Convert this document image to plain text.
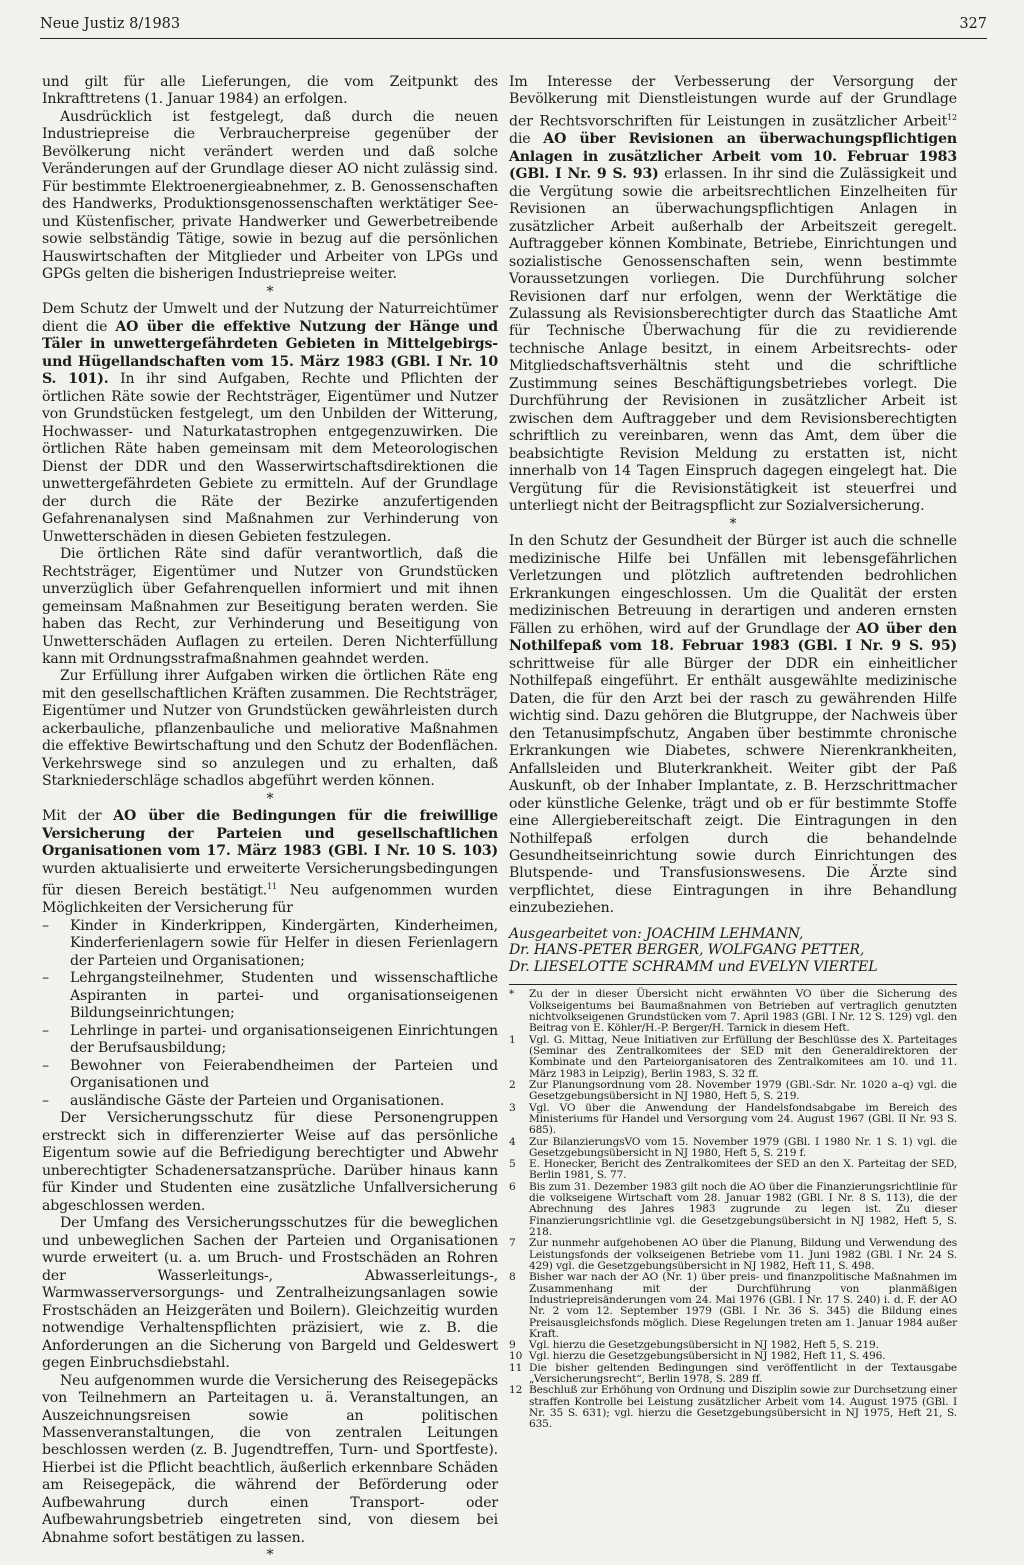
Neue Justiz 8/1983	327

und gilt für alle Lieferungen, die vom Zeitpunkt des Inkrafttretens (1. Januar 1984) an erfolgen.

Ausdrücklich ist festgelegt, daß durch die neuen Industriepreise die Verbraucherpreise gegenüber der Bevölkerung nicht verändert werden und daß solche Veränderungen auf der Grundlage dieser AO nicht zulässig sind. Für bestimmte Elektroenergieabnehmer, z. B. Genossenschaften des Handwerks, Produktionsgenossenschaften werktätiger See- und Küstenfischer, private Handwerker und Gewerbetreibende sowie selbständig Tätige, sowie in bezug auf die persönlichen Hauswirtschaften der Mitglieder und Arbeiter von LPGs und GPGs gelten die bisherigen Industriepreise weiter.

*

Dem Schutz der Umwelt und der Nutzung der Naturreichtümer dient die AO über die effektive Nutzung der Hänge und Täler in unwettergefährdeten Gebieten in Mittelgebirgs- und Hügellandschaften vom 15. März 1983 (GBl. I Nr. 10 S. 101). In ihr sind Aufgaben, Rechte und Pflichten der örtlichen Räte sowie der Rechtsträger, Eigentümer und Nutzer von Grundstücken festgelegt, um den Unbilden der Witterung, Hochwasser- und Naturkatastrophen entgegenzuwirken. Die örtlichen Räte haben gemeinsam mit dem Meteorologischen Dienst der DDR und den Wasserwirtschaftsdirektionen die unwettergefährdeten Gebiete zu ermitteln. Auf der Grundlage der durch die Räte der Bezirke anzufertigenden Gefahrenanalysen sind Maßnahmen zur Verhinderung von Unwetterschäden in diesen Gebieten festzulegen.

Die örtlichen Räte sind dafür verantwortlich, daß die Rechtsträger, Eigentümer und Nutzer von Grundstücken unverzüglich über Gefahrenquellen informiert und mit ihnen gemeinsam Maßnahmen zur Beseitigung beraten werden. Sie haben das Recht, zur Verhinderung und Beseitigung von Unwetterschäden Auflagen zu erteilen. Deren Nichterfüllung kann mit Ordnungsstrafmaßnahmen geahndet werden.

Zur Erfüllung ihrer Aufgaben wirken die örtlichen Räte eng mit den gesellschaftlichen Kräften zusammen. Die Rechtsträger, Eigentümer und Nutzer von Grundstücken gewährleisten durch ackerbauliche, pflanzenbauliche und meliorative Maßnahmen die effektive Bewirtschaftung und den Schutz der Bodenflächen. Verkehrswege sind so anzulegen und zu erhalten, daß Starkniederschläge schadlos abgeführt werden können.

*

Mit der AO über die Bedingungen für die freiwillige Versicherung der Parteien und gesellschaftlichen Organisationen vom 17. März 1983 (GBl. I Nr. 10 S. 103) wurden aktualisierte und erweiterte Versicherungsbedingungen für diesen Bereich bestätigt.$^{11}$ Neu aufgenommen wurden Möglichkeiten der Versicherung für

–	Kinder in Kinderkrippen, Kindergärten, Kinderheimen, Kinderferienlagern sowie für Helfer in diesen Ferienlagern der Parteien und Organisationen;
–	Lehrgangsteilnehmer, Studenten und wissenschaftliche Aspiranten in partei- und organisationseigenen Bildungseinrichtungen;
–	Lehrlinge in partei- und organisationseigenen Einrichtungen der Berufsausbildung;
–	Bewohner von Feierabendheimen der Parteien und Organisationen und
–	ausländische Gäste der Parteien und Organisationen.

Der Versicherungsschutz für diese Personengruppen erstreckt sich in differenzierter Weise auf das persönliche Eigentum sowie auf die Befriedigung berechtigter und Abwehr unberechtigter Schadenersatzansprüche. Darüber hinaus kann für Kinder und Studenten eine zusätzliche Unfallversicherung abgeschlossen werden.

Der Umfang des Versicherungsschutzes für die beweglichen und unbeweglichen Sachen der Parteien und Organisationen wurde erweitert (u. a. um Bruch- und Frostschäden an Rohren der Wasserleitungs-, Abwasserleitungs-, Warmwasserversorgungs- und Zentralheizungsanlagen sowie Frostschäden an Heizgeräten und Boilern). Gleichzeitig wurden notwendige Verhaltenspflichten präzisiert, wie z. B. die Anforderungen an die Sicherung von Bargeld und Geldeswert gegen Einbruchsdiebstahl.

Neu aufgenommen wurde die Versicherung des Reisegepäcks von Teilnehmern an Parteitagen u. ä. Veranstaltungen, an Auszeichnungsreisen sowie an politischen Massenveranstaltungen, die von zentralen Leitungen beschlossen werden (z. B. Jugendtreffen, Turn- und Sportfeste). Hierbei ist die Pflicht beachtlich, äußerlich erkennbare Schäden am Reisegepäck, die während der Beförderung oder Aufbewahrung durch einen Transport- oder Aufbewahrungsbetrieb eingetreten sind, von diesem bei Abnahme sofort bestätigen zu lassen.

*

Im Interesse der Verbesserung der Versorgung der Bevölkerung mit Dienstleistungen wurde auf der Grundlage der Rechtsvorschriften für Leistungen in zusätzlicher Arbeit$^{12}$ die AO über Revisionen an überwachungspflichtigen Anlagen in zusätzlicher Arbeit vom 10. Februar 1983 (GBl. I Nr. 9 S. 93) erlassen. In ihr sind die Zulässigkeit und die Vergütung sowie die arbeitsrechtlichen Einzelheiten für Revisionen an überwachungspflichtigen Anlagen in zusätzlicher Arbeit außerhalb der Arbeitszeit geregelt. Auftraggeber können Kombinate, Betriebe, Einrichtungen und sozialistische Genossenschaften sein, wenn bestimmte Voraussetzungen vorliegen. Die Durchführung solcher Revisionen darf nur erfolgen, wenn der Werktätige die Zulassung als Revisionsberechtigter durch das Staatliche Amt für Technische Überwachung für die zu revidierende technische Anlage besitzt, in einem Arbeitsrechts- oder Mitgliedschaftsverhältnis steht und die schriftliche Zustimmung seines Beschäftigungsbetriebes vorlegt. Die Durchführung der Revisionen in zusätzlicher Arbeit ist zwischen dem Auftraggeber und dem Revisionsberechtigten schriftlich zu vereinbaren, wenn das Amt, dem über die beabsichtigte Revision Meldung zu erstatten ist, nicht innerhalb von 14 Tagen Einspruch dagegen eingelegt hat. Die Vergütung für die Revisionstätigkeit ist steuerfrei und unterliegt nicht der Beitragspflicht zur Sozialversicherung.

*

In den Schutz der Gesundheit der Bürger ist auch die schnelle medizinische Hilfe bei Unfällen mit lebensgefährlichen Verletzungen und plötzlich auftretenden bedrohlichen Erkrankungen eingeschlossen. Um die Qualität der ersten medizinischen Betreuung in derartigen und anderen ernsten Fällen zu erhöhen, wird auf der Grundlage der AO über den Nothilfepaß vom 18. Februar 1983 (GBl. I Nr. 9 S. 95) schrittweise für alle Bürger der DDR ein einheitlicher Nothilfepaß eingeführt. Er enthält ausgewählte medizinische Daten, die für den Arzt bei der rasch zu gewährenden Hilfe wichtig sind. Dazu gehören die Blutgruppe, der Nachweis über den Tetanusimpfschutz, Angaben über bestimmte chronische Erkrankungen wie Diabetes, schwere Nierenkrankheiten, Anfallsleiden und Bluterkrankheit. Weiter gibt der Paß Auskunft, ob der Inhaber Implantate, z. B. Herzschrittmacher oder künstliche Gelenke, trägt und ob er für bestimmte Stoffe eine Allergiebereitschaft zeigt. Die Eintragungen in den Nothilfepaß erfolgen durch die behandelnde Gesundheitseinrichtung sowie durch Einrichtungen des Blutspende- und Transfusionswesens. Die Ärzte sind verpflichtet, diese Eintragungen in ihre Behandlung einzubeziehen.

Ausgearbeitet von: JOACHIM LEHMANN,
Dr. HANS-PETER BERGER, WOLFGANG PETTER,
Dr. LIESELOTTE SCHRAMM und EVELYN VIERTEL
*	Zu der in dieser Übersicht nicht erwähnten VO über die Sicherung des Volkseigentums bei Baumaßnahmen von Betrieben auf vertraglich genutzten nichtvolkseigenen Grundstücken vom 7. April 1983 (GBl. I Nr. 12 S. 129) vgl. den Beitrag von E. Köhler/H.-P. Berger/H. Tarnick in diesem Heft.
1	Vgl. G. Mittag, Neue Initiativen zur Erfüllung der Beschlüsse des X. Parteitages (Seminar des Zentralkomitees der SED mit den Generaldirektoren der Kombinate und den Parteiorganisatoren des Zentralkomitees am 10. und 11. März 1983 in Leipzig), Berlin 1983, S. 32 ff.
2	Zur Planungsordnung vom 28. November 1979 (GBl.-Sdr. Nr. 1020 a–q) vgl. die Gesetzgebungsübersicht in NJ 1980, Heft 5, S. 219.
3	Vgl. VO über die Anwendung der Handelsfondsabgabe im Bereich des Ministeriums für Handel und Versorgung vom 24. August 1967 (GBl. II Nr. 93 S. 685).
4	Zur BilanzierungsVO vom 15. November 1979 (GBl. I 1980 Nr. 1 S. 1) vgl. die Gesetzgebungsübersicht in NJ 1980, Heft 5, S. 219 f.
5	E. Honecker, Bericht des Zentralkomitees der SED an den X. Parteitag der SED, Berlin 1981, S. 77.
6	Bis zum 31. Dezember 1983 gilt noch die AO über die Finanzierungsrichtlinie für die volkseigene Wirtschaft vom 28. Januar 1982 (GBl. I Nr. 8 S. 113), die der Abrechnung des Jahres 1983 zugrunde zu legen ist. Zu dieser Finanzierungsrichtlinie vgl. die Gesetzgebungsübersicht in NJ 1982, Heft 5, S. 218.
7	Zur nunmehr aufgehobenen AO über die Planung, Bildung und Verwendung des Leistungsfonds der volkseigenen Betriebe vom 11. Juni 1982 (GBl. I Nr. 24 S. 429) vgl. die Gesetzgebungsübersicht in NJ 1982, Heft 11, S. 498.
8	Bisher war nach der AO (Nr. 1) über preis- und finanzpolitische Maßnahmen im Zusammenhang mit der Durchführung von planmäßigen Industriepreisänderungen vom 24. Mai 1976 (GBl. I Nr. 17 S. 240) i. d. F. der AO Nr. 2 vom 12. September 1979 (GBl. I Nr. 36 S. 345) die Bildung eines Preisausgleichsfonds möglich. Diese Regelungen treten am 1. Januar 1984 außer Kraft.
9	Vgl. hierzu die Gesetzgebungsübersicht in NJ 1982, Heft 5, S. 219.
10 Vgl. hierzu die Gesetzgebungsübersicht in NJ 1982, Heft 11, S. 496.
11 Die bisher geltenden Bedingungen sind veröffentlicht in der Textausgabe „Versicherungsrecht“, Berlin 1978, S. 289 ff.
12 Beschluß zur Erhöhung von Ordnung und Disziplin sowie zur Durchsetzung einer straffen Kontrolle bei Leistung zusätzlicher Arbeit vom 14. August 1975 (GBl. I Nr. 35 S. 631); vgl. hierzu die Gesetzgebungsübersicht in NJ 1975, Heft 21, S. 635.
